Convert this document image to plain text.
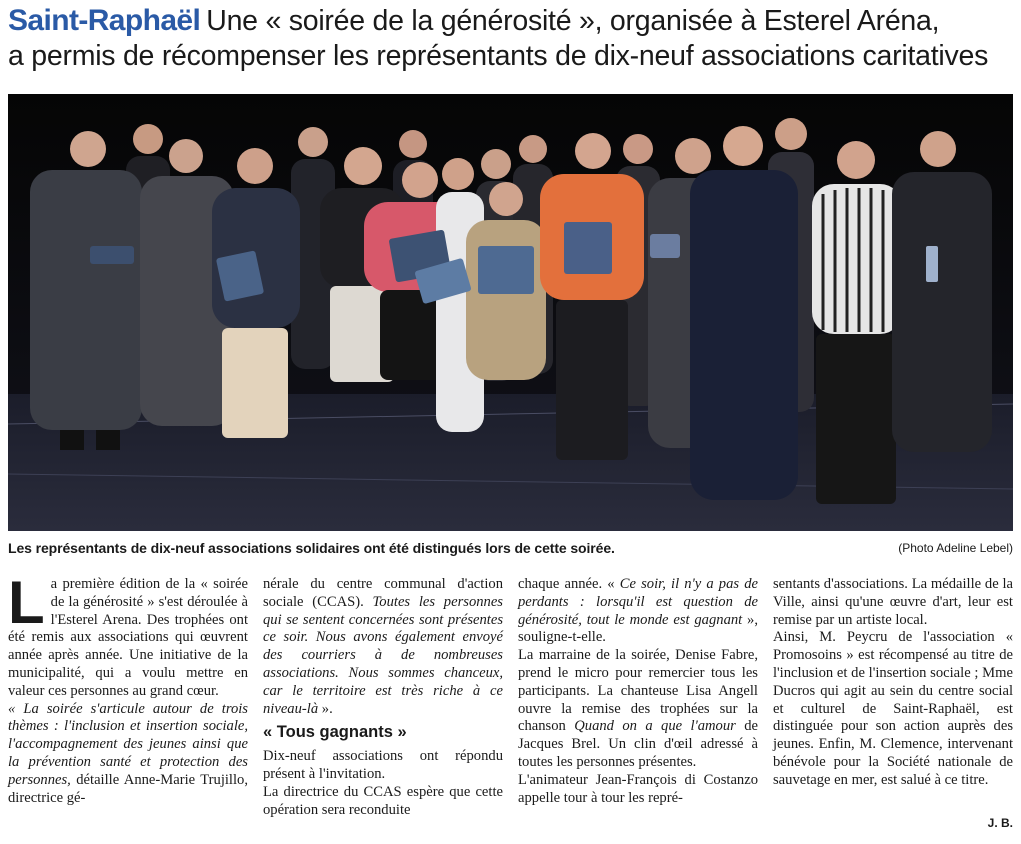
Saint-Raphaël Une « soirée de la générosité », organisée à Esterel Aréna,
a permis de récompenser les représentants de dix-neuf associations caritatives
Les représentants de dix-neuf associations solidaires ont été distingués lors de cette soirée.	(Photo Adeline Lebel)

La première édition de la « soirée de la générosité » s'est déroulée à l'Esterel Arena. Des trophées ont été remis aux associations qui œuvrent année après année. Une initiative de la municipalité, qui a voulu mettre en valeur ces personnes au grand cœur.

« La soirée s'articule autour de trois thèmes : l'inclusion et insertion sociale, l'accompagnement des jeunes ainsi que la prévention santé et protection des personnes, détaille Anne-Marie Trujillo, directrice gé-

nérale du centre communal d'action sociale (CCAS). Toutes les personnes qui se sentent concernées sont présentes ce soir. Nous avons également envoyé des courriers à de nombreuses associations. Nous sommes chanceux, car le territoire est très riche à ce niveau-là ».

« Tous gagnants »

Dix-neuf associations ont répondu présent à l'invitation.

La directrice du CCAS espère que cette opération sera reconduite

chaque année. « Ce soir, il n'y a pas de perdants : lorsqu'il est question de générosité, tout le monde est gagnant », souligne-t-elle.

La marraine de la soirée, Denise Fabre, prend le micro pour remercier tous les participants. La chanteuse Lisa Angell ouvre la remise des trophées sur la chanson Quand on a que l'amour de Jacques Brel. Un clin d'œil adressé à toutes les personnes présentes.

L'animateur Jean-François di Costanzo appelle tour à tour les repré-

sentants d'associations. La médaille de la Ville, ainsi qu'une œuvre d'art, leur est remise par un artiste local.

Ainsi, M. Peycru de l'association « Promosoins » est récompensé au titre de l'inclusion et de l'insertion sociale ; Mme Ducros qui agit au sein du centre social et culturel de Saint-Raphaël, est distinguée pour son action auprès des jeunes. Enfin, M. Clemence, intervenant bénévole pour la Société nationale de sauvetage en mer, est salué à ce titre.

J. B.
